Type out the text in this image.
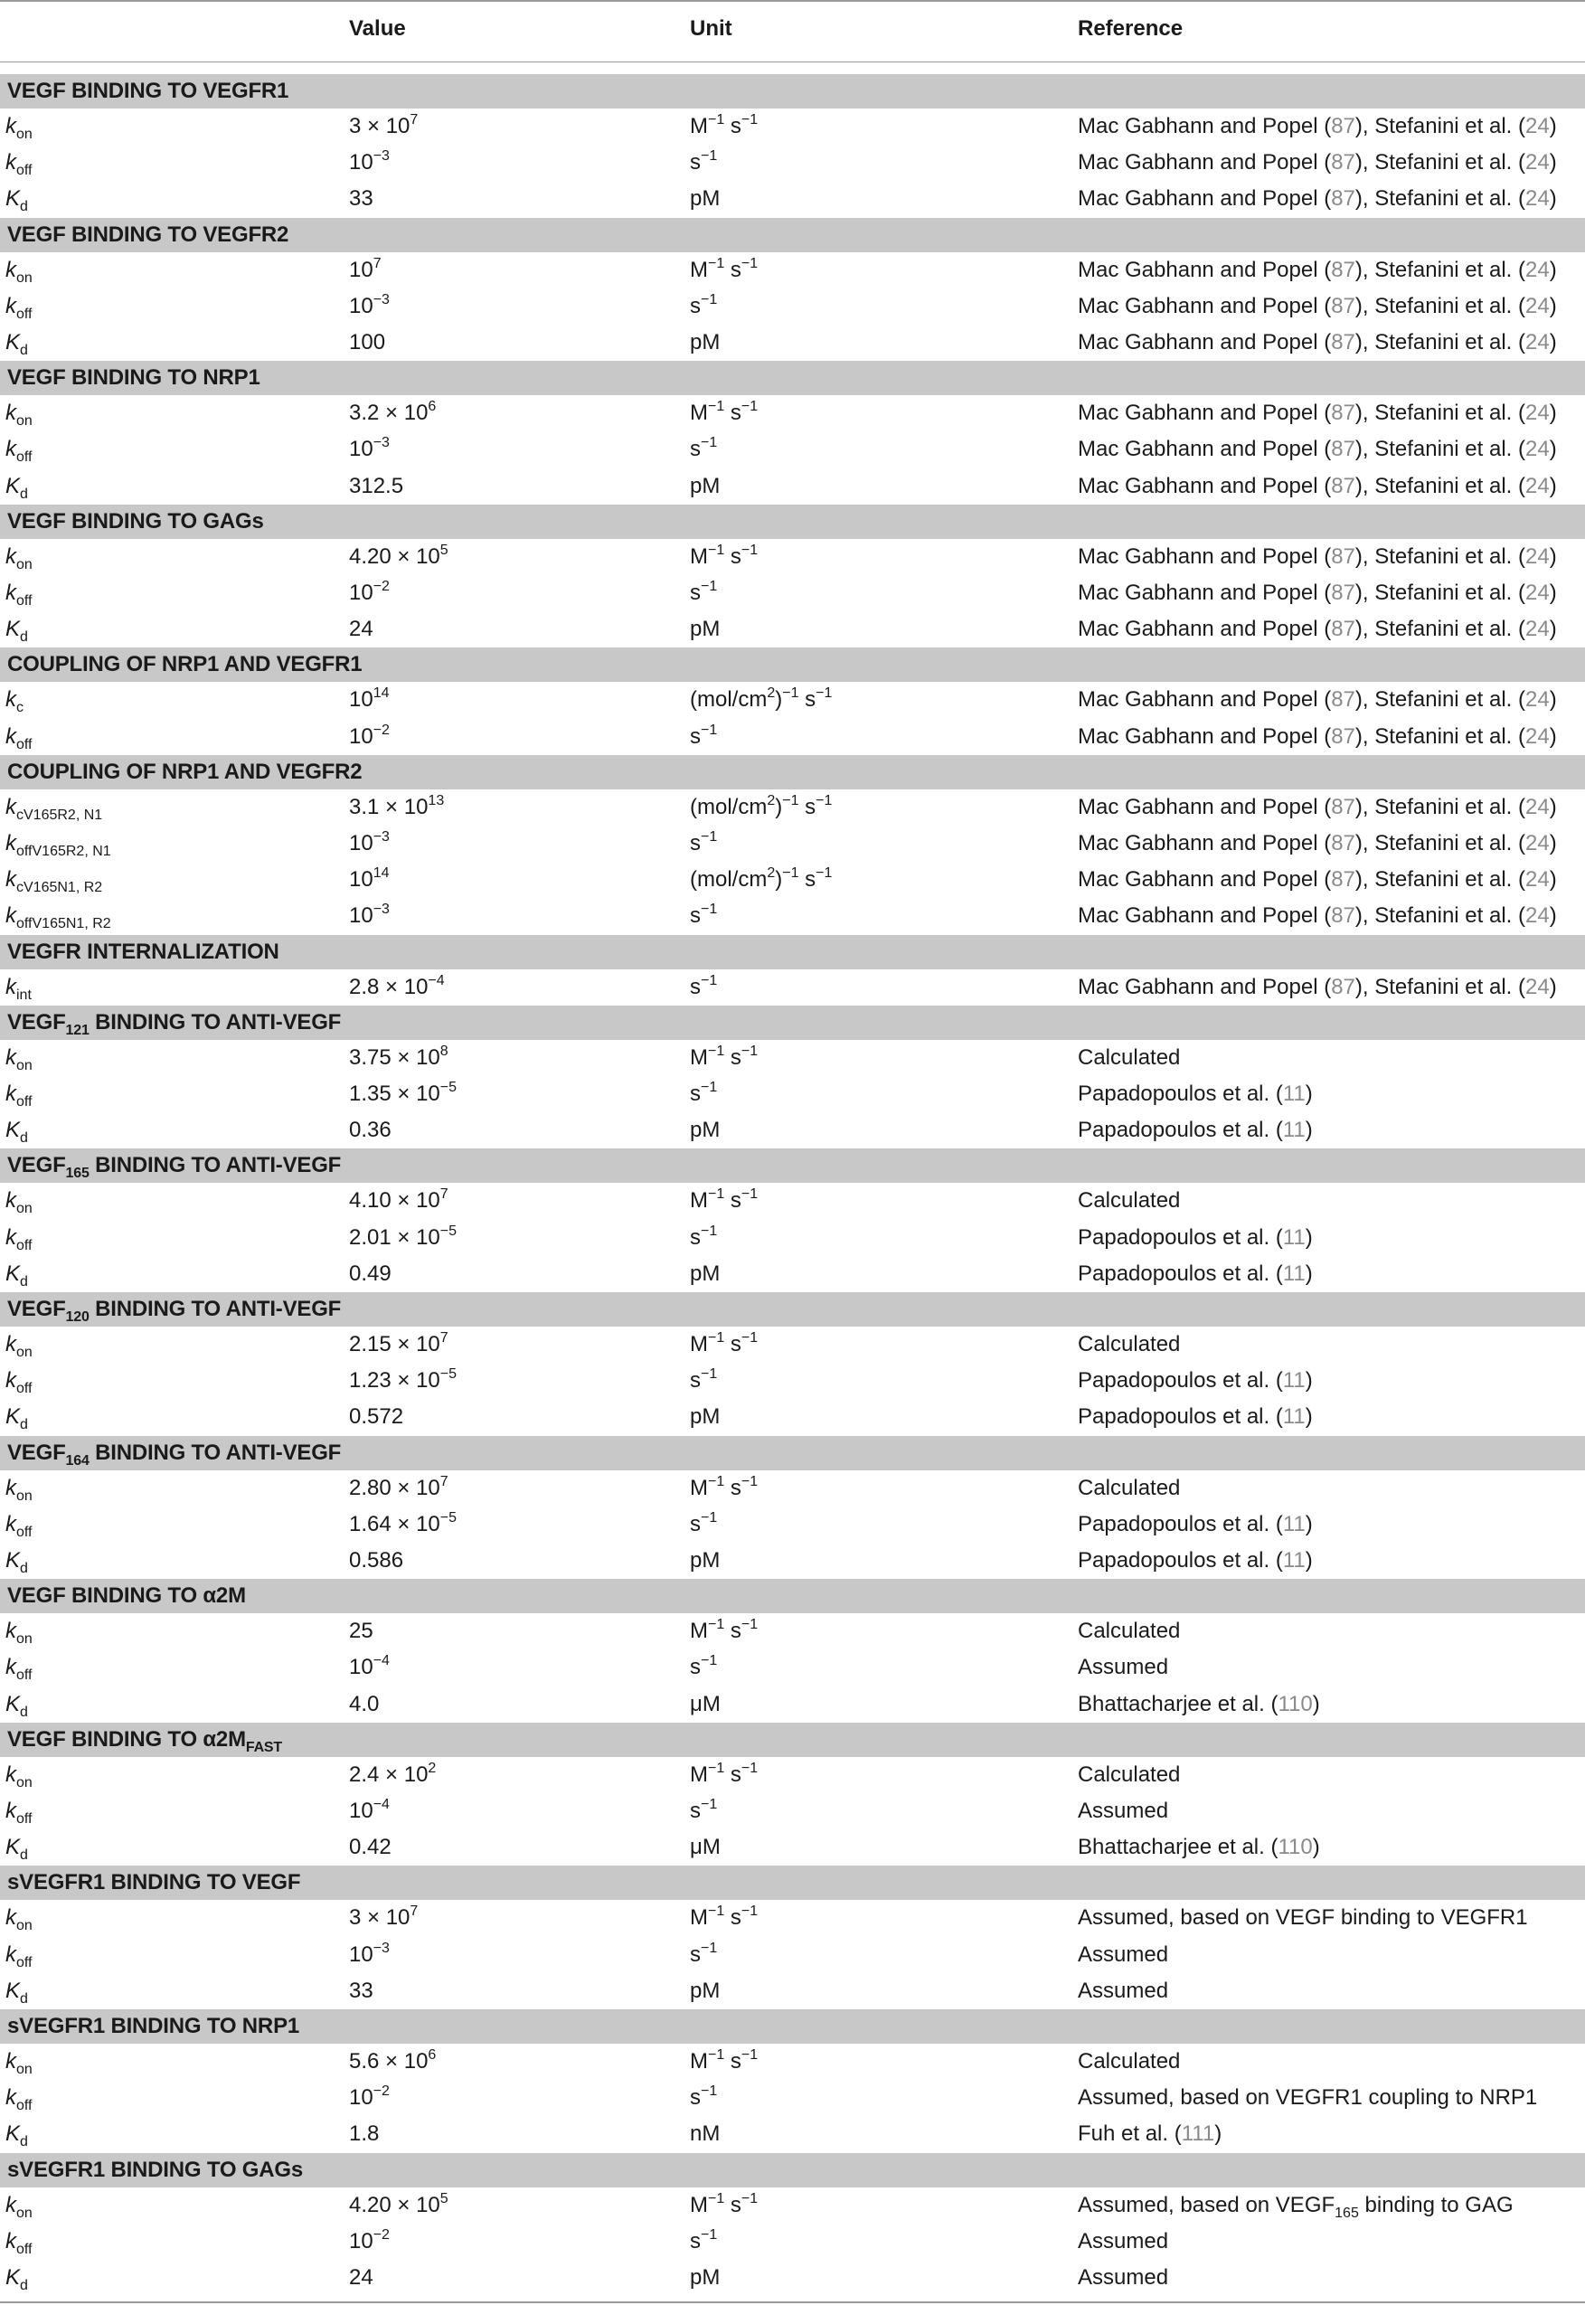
Value	Unit	Reference
VEGF BINDING TO VEGFR1
$k_{on}$	$3 \times 10^7$	$M^{-1}$ $s^{-1}$	Mac Gabhann and Popel (87), Stefanini et al. (24)
$k_{off}$	$10^{-3}$	$s^{-1}$	Mac Gabhann and Popel (87), Stefanini et al. (24)
$K_d$	33	pM	Mac Gabhann and Popel (87), Stefanini et al. (24)
VEGF BINDING TO VEGFR2
$k_{on}$	$10^7$	$M^{-1}$ $s^{-1}$	Mac Gabhann and Popel (87), Stefanini et al. (24)
$k_{off}$	$10^{-3}$	$s^{-1}$	Mac Gabhann and Popel (87), Stefanini et al. (24)
$K_d$	100	pM	Mac Gabhann and Popel (87), Stefanini et al. (24)
VEGF BINDING TO NRP1
$k_{on}$	$3.2 \times 10^6$	$M^{-1}$ $s^{-1}$	Mac Gabhann and Popel (87), Stefanini et al. (24)
$k_{off}$	$10^{-3}$	$s^{-1}$	Mac Gabhann and Popel (87), Stefanini et al. (24)
$K_d$	312.5	pM	Mac Gabhann and Popel (87), Stefanini et al. (24)
VEGF BINDING TO GAGs
$k_{on}$	$4.20 \times 10^5$	$M^{-1}$ $s^{-1}$	Mac Gabhann and Popel (87), Stefanini et al. (24)
$k_{off}$	$10^{-2}$	$s^{-1}$	Mac Gabhann and Popel (87), Stefanini et al. (24)
$K_d$	24	pM	Mac Gabhann and Popel (87), Stefanini et al. (24)
COUPLING OF NRP1 AND VEGFR1
$k_c$	$10^{14}$	$(mol/cm^2)^{-1}$ $s^{-1}$	Mac Gabhann and Popel (87), Stefanini et al. (24)
$k_{off}$	$10^{-2}$	$s^{-1}$	Mac Gabhann and Popel (87), Stefanini et al. (24)
COUPLING OF NRP1 AND VEGFR2
$k_{cV165R2, N1}$	$3.1 \times 10^{13}$	$(mol/cm^2)^{-1}$ $s^{-1}$	Mac Gabhann and Popel (87), Stefanini et al. (24)
$k_{offV165R2, N1}$	$10^{-3}$	$s^{-1}$	Mac Gabhann and Popel (87), Stefanini et al. (24)
$k_{cV165N1, R2}$	$10^{14}$	$(mol/cm^2)^{-1}$ $s^{-1}$	Mac Gabhann and Popel (87), Stefanini et al. (24)
$k_{offV165N1, R2}$	$10^{-3}$	$s^{-1}$	Mac Gabhann and Popel (87), Stefanini et al. (24)
VEGFR INTERNALIZATION
$k_{int}$	$2.8 \times 10^{-4}$	$s^{-1}$	Mac Gabhann and Popel (87), Stefanini et al. (24)
$VEGF_{121}$ BINDING TO ANTI-VEGF
$k_{on}$	$3.75 \times 10^8$	$M^{-1}$ $s^{-1}$	Calculated
$k_{off}$	$1.35 \times 10^{-5}$	$s^{-1}$	Papadopoulos et al. (11)
$K_d$	0.36	pM	Papadopoulos et al. (11)
$VEGF_{165}$ BINDING TO ANTI-VEGF
$k_{on}$	$4.10 \times 10^7$	$M^{-1}$ $s^{-1}$	Calculated
$k_{off}$	$2.01 \times 10^{-5}$	$s^{-1}$	Papadopoulos et al. (11)
$K_d$	0.49	pM	Papadopoulos et al. (11)
$VEGF_{120}$ BINDING TO ANTI-VEGF
$k_{on}$	$2.15 \times 10^7$	$M^{-1}$ $s^{-1}$	Calculated
$k_{off}$	$1.23 \times 10^{-5}$	$s^{-1}$	Papadopoulos et al. (11)
$K_d$	0.572	pM	Papadopoulos et al. (11)
$VEGF_{164}$ BINDING TO ANTI-VEGF
$k_{on}$	$2.80 \times 10^7$	$M^{-1}$ $s^{-1}$	Calculated
$k_{off}$	$1.64 \times 10^{-5}$	$s^{-1}$	Papadopoulos et al. (11)
$K_d$	0.586	pM	Papadopoulos et al. (11)
VEGF BINDING TO α2M
$k_{on}$	25	$M^{-1}$ $s^{-1}$	Calculated
$k_{off}$	$10^{-4}$	$s^{-1}$	Assumed
$K_d$	4.0	μM	Bhattacharjee et al. (110)
VEGF BINDING TO $\alpha 2M_{FAST}$
$k_{on}$	$2.4 \times 10^2$	$M^{-1}$ $s^{-1}$	Calculated
$k_{off}$	$10^{-4}$	$s^{-1}$	Assumed
$K_d$	0.42	μM	Bhattacharjee et al. (110)
sVEGFR1 BINDING TO VEGF
$k_{on}$	$3 \times 10^7$	$M^{-1}$ $s^{-1}$	Assumed, based on VEGF binding to VEGFR1
$k_{off}$	$10^{-3}$	$s^{-1}$	Assumed
$K_d$	33	pM	Assumed
sVEGFR1 BINDING TO NRP1
$k_{on}$	$5.6 \times 10^6$	$M^{-1}$ $s^{-1}$	Calculated
$k_{off}$	$10^{-2}$	$s^{-1}$	Assumed, based on VEGFR1 coupling to NRP1
$K_d$	1.8	nM	Fuh et al. (111)
sVEGFR1 BINDING TO GAGs
$k_{on}$	$4.20 \times 10^5$	$M^{-1}$ $s^{-1}$	Assumed, based on $VEGF_{165}$ binding to GAG
$k_{off}$	$10^{-2}$	$s^{-1}$	Assumed
$K_d$	24	pM	Assumed
